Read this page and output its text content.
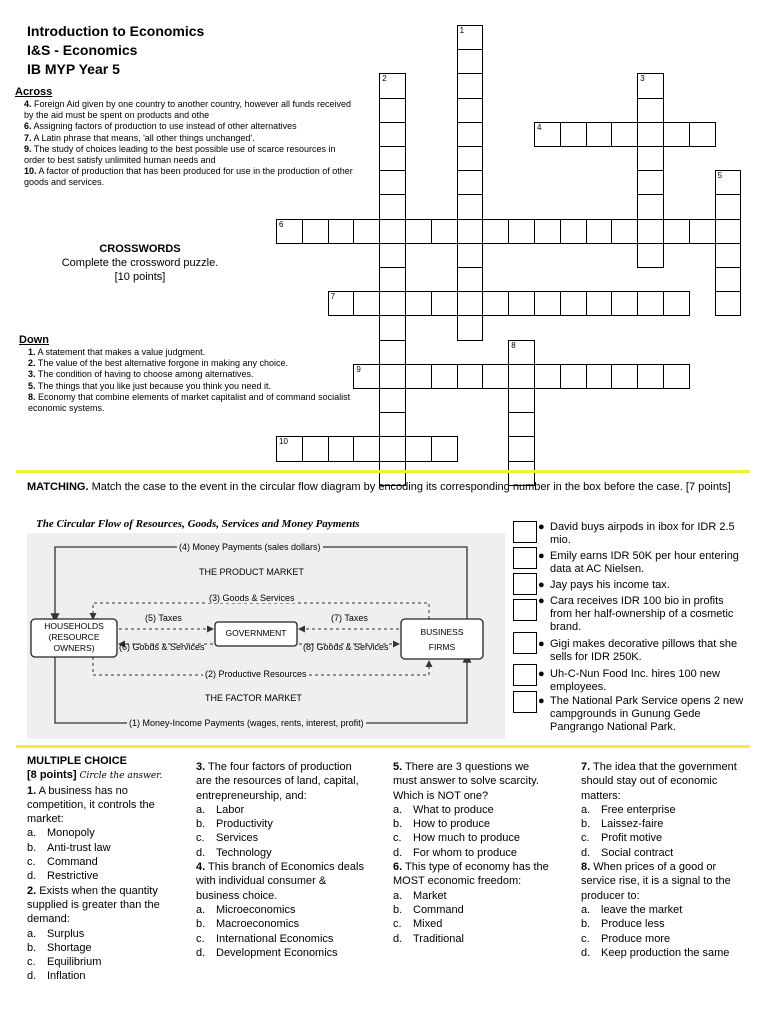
Introduction to Economics
I&S - Economics
IB MYP Year 5
Across
4. Foreign Aid given by one country to another country, however all funds received by the aid must be spent on products and othe
6. Assigning factors of production to use instead of other alternatives
7. A Latin phrase that means, 'all other things unchanged'.
9. The study of choices leading to the best possible use of scarce resources in order to best satisfy unlimited human needs and
10. A factor of production that has been produced for use in the production of other goods and services.
CROSSWORDS
Complete the crossword puzzle.
[10 points]
Down
1. A statement that makes a value judgment.
2. The value of the best alternative forgone in making any choice.
3. The condition of having to choose among alternatives.
5. The things that you like just because you think you need it.
8. Economy that combine elements of market capitalist and of command socialist economic systems.
1
2	3
4
5
6
7
8
9
10
MATCHING. Match the case to the event in the circular flow diagram by encoding its corresponding number in the box before the case. [7 points]
The Circular Flow of Resources, Goods, Services and Money Payments
(4) Money Payments (sales dollars)
THE PRODUCT MARKET
(3) Goods & Services
(5) Taxes	(7) Taxes
(6) Goods & Services	(8) Goods & Services
HOUSEHOLDS (RESOURCE OWNERS)
GOVERNMENT	BUSINESS FIRMS
(2) Productive Resources
THE FACTOR MARKET
(1) Money-Income Payments (wages, rents, interest, profit)
● David buys airpods in ibox for IDR 2.5 mio.
● Emily earns IDR 50K per hour entering data at AC Nielsen.
● Jay pays his income tax.
● Cara receives IDR 100 bio in profits from her half-ownership of a cosmetic brand.
● Gigi makes decorative pillows that she sells for IDR 250K.
● Uh-C-Nun Food Inc. hires 100 new employees.
● The National Park Service opens 2 new campgrounds in Gunung Gede Pangrango National Park.
MULTIPLE CHOICE
[8 points] Circle the answer.
1. A business has no competition, it controls the market:
a. Monopoly
b. Anti-trust law
c. Command
d. Restrictive
2. Exists when the quantity supplied is greater than the demand:
a. Surplus
b. Shortage
c. Equilibrium
d. Inflation
3. The four factors of production are the resources of land, capital, entrepreneurship, and:
a. Labor
b. Productivity
c. Services
d. Technology
4. This branch of Economics deals with individual consumer & business choice.
a. Microeconomics
b. Macroeconomics
c. International Economics
d. Development Economics
5. There are 3 questions we must answer to solve scarcity. Which is NOT one?
a. What to produce
b. How to produce
c. How much to produce
d. For whom to produce
6. This type of economy has the MOST economic freedom:
a. Market
b. Command
c. Mixed
d. Traditional
7. The idea that the government should stay out of economic matters:
a. Free enterprise
b. Laissez-faire
c. Profit motive
d. Social contract
8. When prices of a good or service rise, it is a signal to the producer to:
a. leave the market
b. Produce less
c. Produce more
d. Keep production the same
